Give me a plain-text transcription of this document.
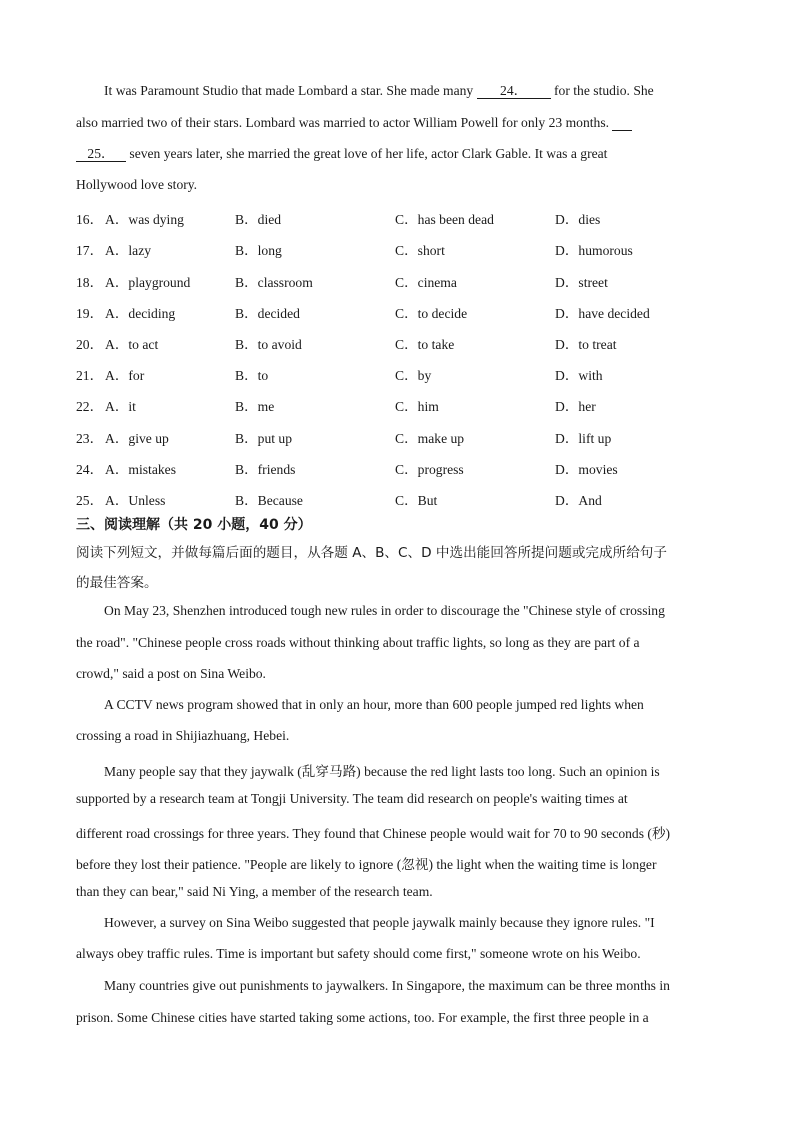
It was Paramount Studio that made Lombard a star. She made many 24． for the studio. She
also married two of their stars. Lombard was married to actor William Powell for only 23 months.
25． seven years later, she married the great love of her life, actor Clark Gable. It was a great
Hollywood love story.
16． A．was dying	B．died	C．has been dead	D．dies
17． A．lazy	B．long	C．short	D．humorous
18． A．playground	B．classroom	C．cinema	D．street
19． A．deciding	B．decided	C．to decide	D．have decided
20． A．to act	B．to avoid	C．to take	D．to treat
21． A．for	B．to	C．by	D．with
22． A．it	B．me	C．him	D．her
23． A．give up	B．put up	C．make up	D．lift up
24． A．mistakes	B．friends	C．progress	D．movies
25． A．Unless	B．Because	C．But	D．And
三、阅读理解（共 20 小题，40 分）
阅读下列短文，并做每篇后面的题目，从各题 A、B、C、D 中选出能回答所提问题或完成所给句子
的最佳答案。
On May 23, Shenzhen introduced tough new rules in order to discourage the "Chinese style of crossing
the road". "Chinese people cross roads without thinking about traffic lights, so long as they are part of a
crowd," said a post on Sina Weibo.
A CCTV news program showed that in only an hour, more than 600 people jumped red lights when
crossing a road in Shijiazhuang, Hebei.
Many people say that they jaywalk (乱穿马路) because the red light lasts too long. Such an opinion is
supported by a research team at Tongji University. The team did research on people's waiting times at
different road crossings for three years. They found that Chinese people would wait for 70 to 90 seconds (秒)
before they lost their patience. "People are likely to ignore (忽视) the light when the waiting time is longer
than they can bear," said Ni Ying, a member of the research team.
However, a survey on Sina Weibo suggested that people jaywalk mainly because they ignore rules. "I
always obey traffic rules. Time is important but safety should come first," someone wrote on his Weibo.
Many countries give out punishments to jaywalkers. In Singapore, the maximum can be three months in
prison. Some Chinese cities have started taking some actions, too. For example, the first three people in a
